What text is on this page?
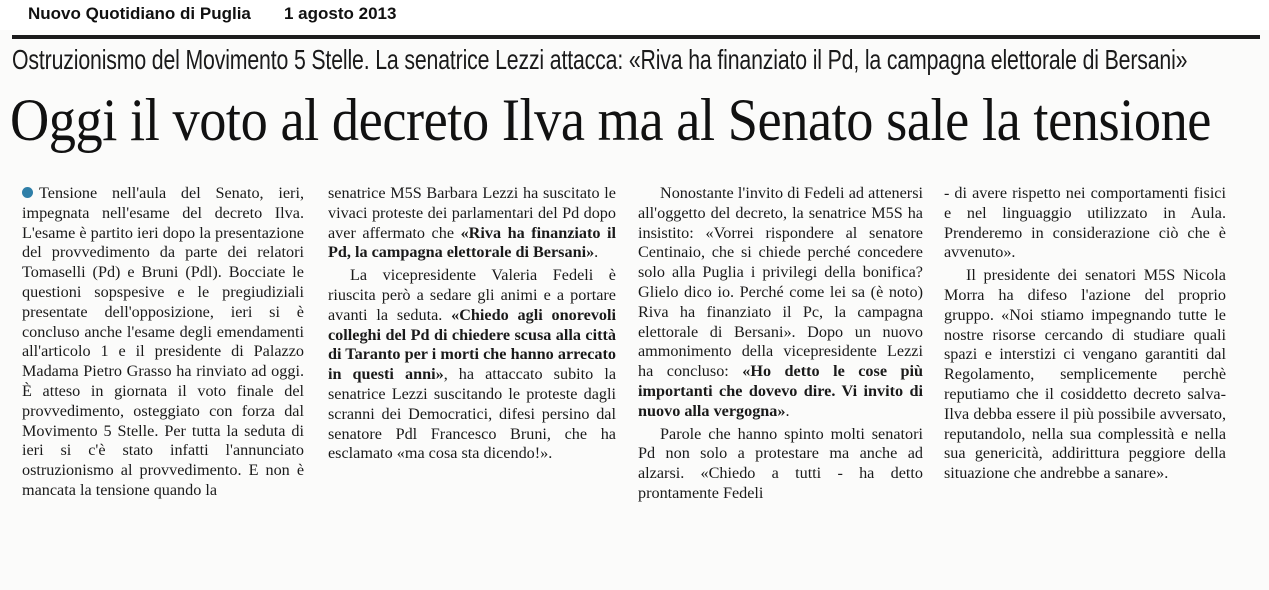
Nuovo Quotidiano di Puglia 1 agosto 2013
Ostruzionismo del Movimento 5 Stelle. La senatrice Lezzi attacca: «Riva ha finanziato il Pd, la campagna elettorale di Bersani»
Oggi il voto al decreto Ilva ma al Senato sale la tensione

Tensione nell'aula del Senato, ieri, impegnata nell'esame del decreto Ilva. L'esame è partito ieri dopo la presentazione del provvedimento da parte dei relatori Tomaselli (Pd) e Bruni (Pdl). Bocciate le questioni sopspesive e le pregiudiziali presentate dell'opposizione, ieri si è concluso anche l'esame degli emendamenti all'articolo 1 e il presidente di Palazzo Madama Pietro Grasso ha rinviato ad oggi. È atteso in giornata il voto finale del provvedimento, osteggiato con forza dal Movimento 5 Stelle. Per tutta la seduta di ieri si c'è stato infatti l'annunciato ostruzionismo al provvedimento. E non è mancata la tensione quando la

senatrice M5S Barbara Lezzi ha suscitato le vivaci proteste dei parlamentari del Pd dopo aver affermato che «Riva ha finanziato il Pd, la campagna elettorale di Bersani».

La vicepresidente Valeria Fedeli è riuscita però a sedare gli animi e a portare avanti la seduta. «Chiedo agli onorevoli colleghi del Pd di chiedere scusa alla città di Taranto per i morti che hanno arrecato in questi anni», ha attaccato subito la senatrice Lezzi suscitando le proteste dagli scranni dei Democratici, difesi persino dal senatore Pdl Francesco Bruni, che ha esclamato «ma cosa sta dicendo!».

Nonostante l'invito di Fedeli ad attenersi all'oggetto del decreto, la senatrice M5S ha insistito: «Vorrei rispondere al senatore Centinaio, che si chiede perché concedere solo alla Puglia i privilegi della bonifica? Glielo dico io. Perché come lei sa (è noto) Riva ha finanziato il Pc, la campagna elettorale di Bersani». Dopo un nuovo ammonimento della vicepresidente Lezzi ha concluso: «Ho detto le cose più importanti che dovevo dire. Vi invito di nuovo alla vergogna».

Parole che hanno spinto molti senatori Pd non solo a protestare ma anche ad alzarsi. «Chiedo a tutti - ha detto prontamente Fedeli

- di avere rispetto nei comportamenti fisici e nel linguaggio utilizzato in Aula. Prenderemo in considerazione ciò che è avvenuto».

Il presidente dei senatori M5S Nicola Morra ha difeso l'azione del proprio gruppo. «Noi stiamo impegnando tutte le nostre risorse cercando di studiare quali spazi e interstizi ci vengano garantiti dal Regolamento, semplicemente perchè reputiamo che il cosiddetto decreto salva-Ilva debba essere il più possibile avversato, reputandolo, nella sua complessità e nella sua genericità, addirittura peggiore della situazione che andrebbe a sanare».
